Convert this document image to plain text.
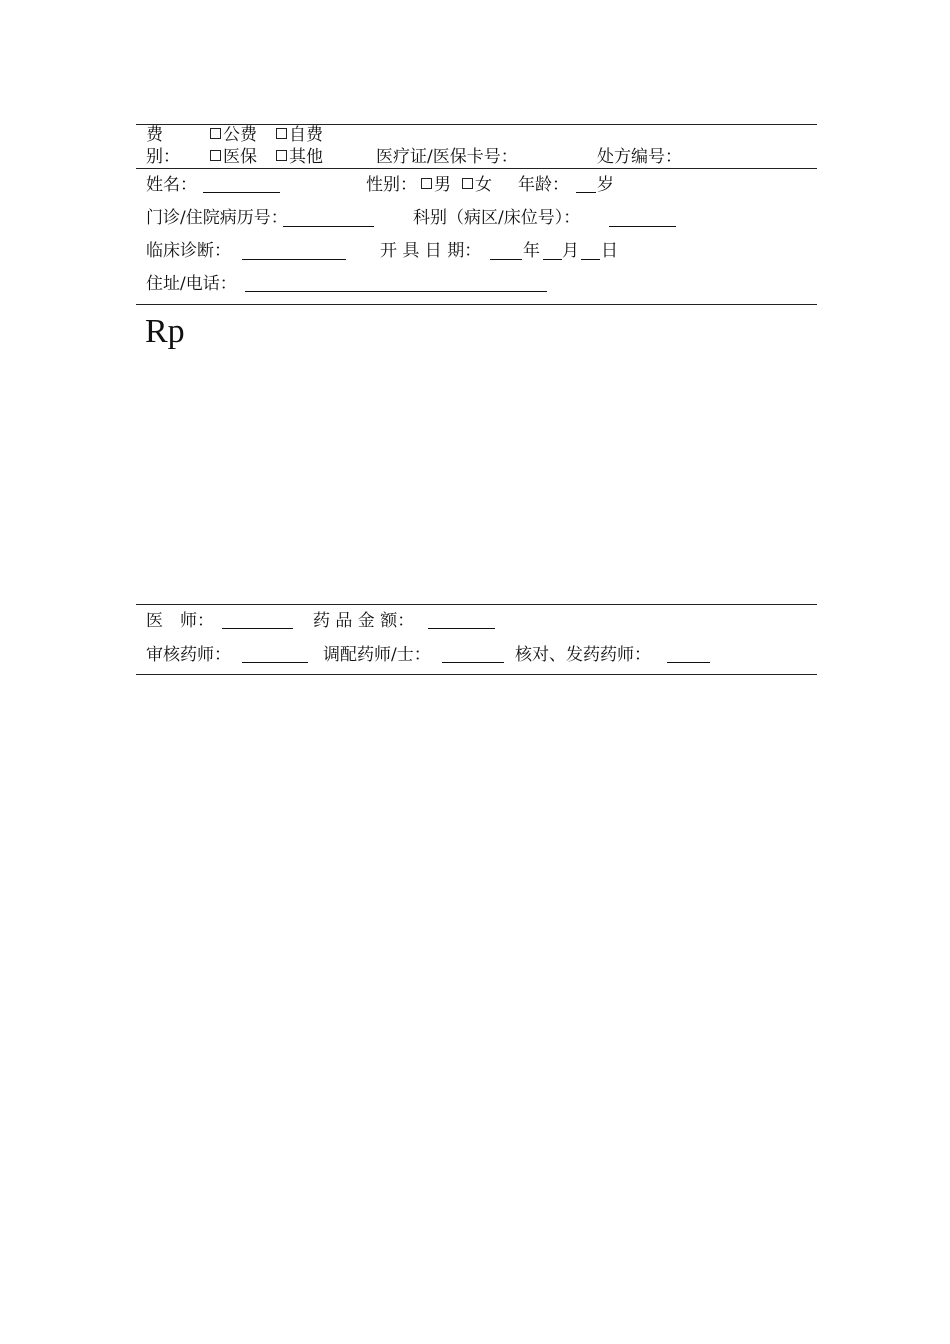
费
别：
公费	自费
医保	其他	医疗证/医保卡号：	处方编号：
姓名：	性别：	男	女 年龄： 岁
门诊/住院病历号：	科别（病区/床位号）：
临床诊断：	开 具 日 期： 年 月 日
住址/电话：
Rp
医　师：	药 品 金 额：
审核药师：	调配药师/士：	核对、发药药师：
